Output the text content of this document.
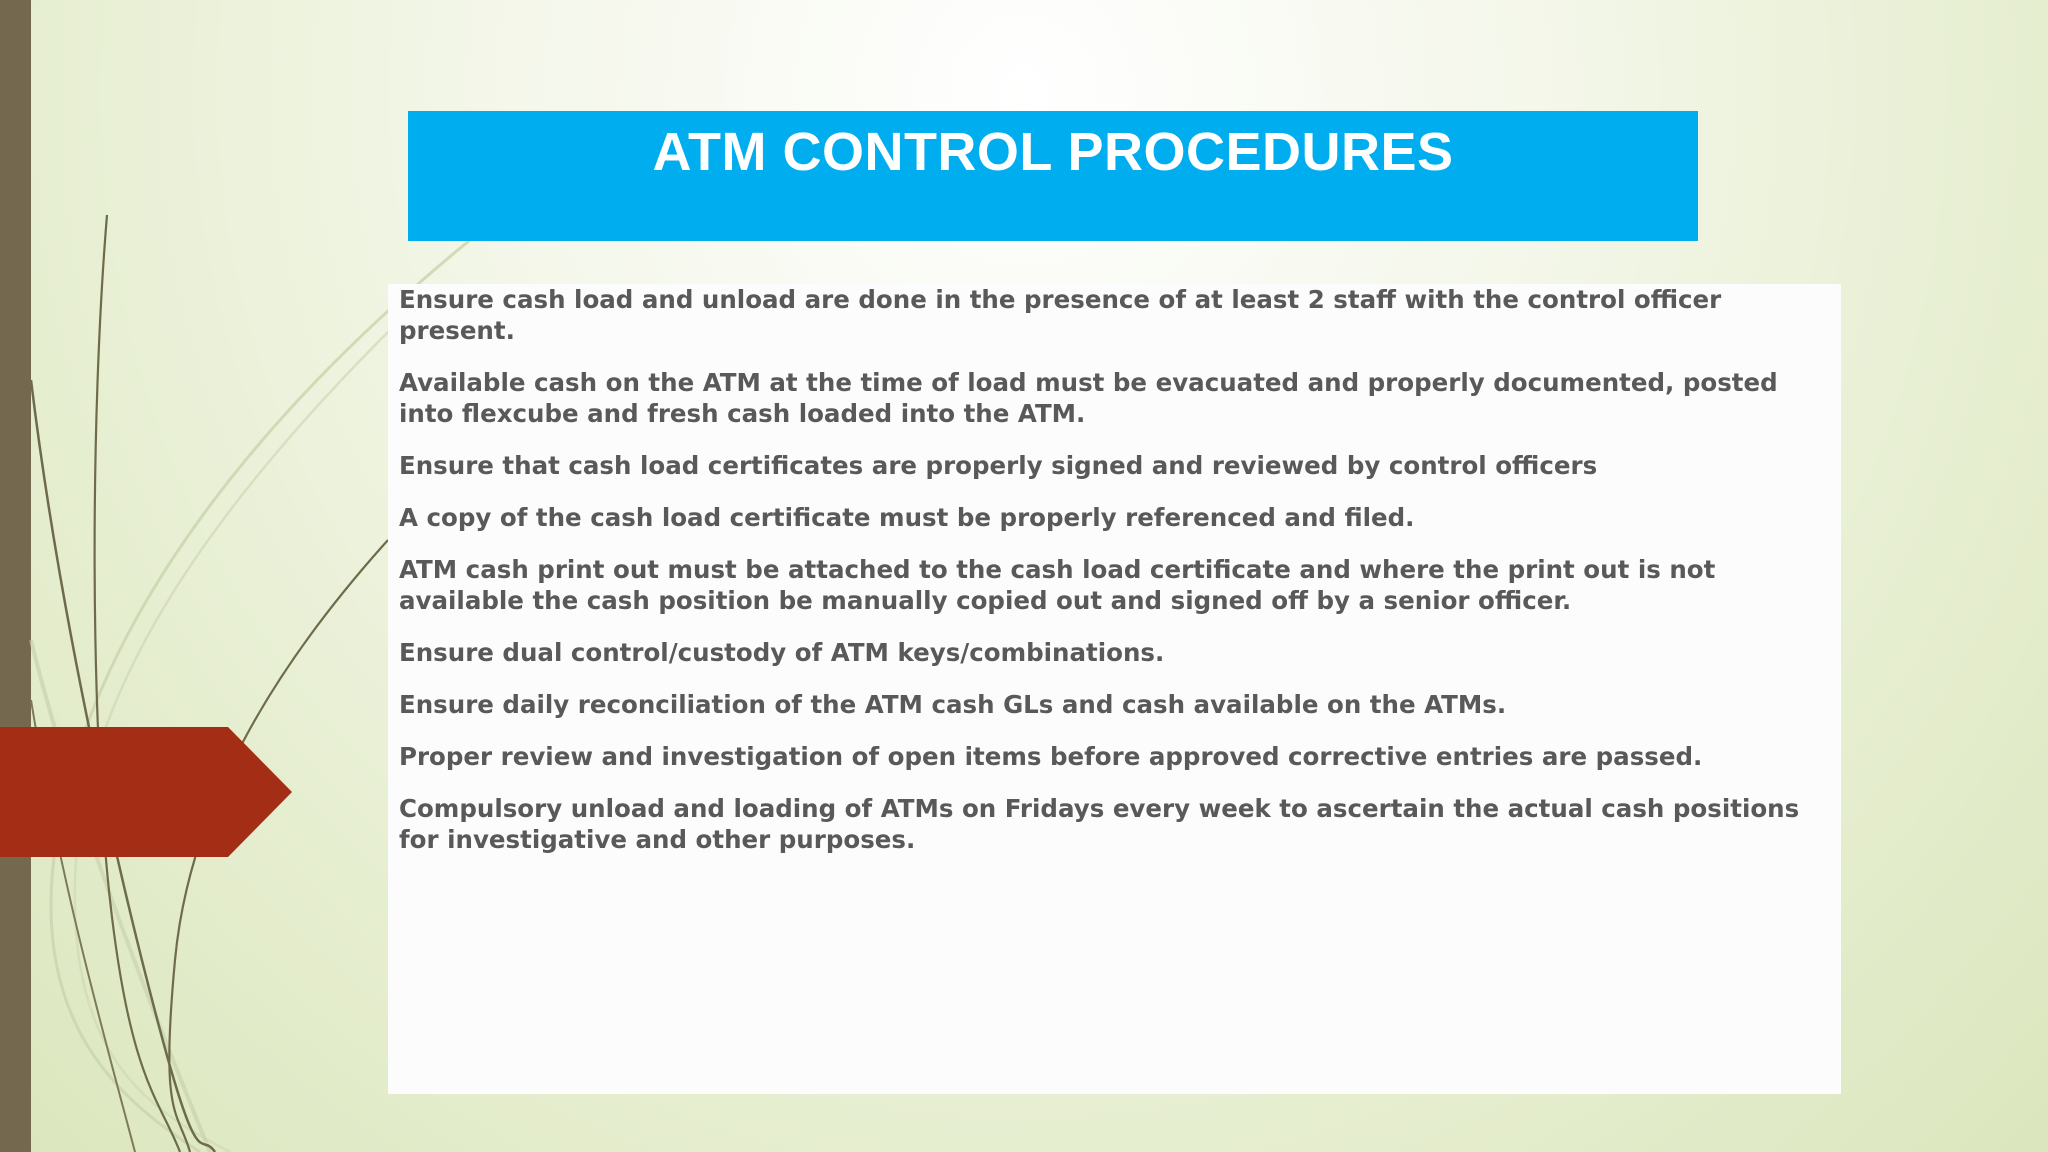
ATM CONTROL PROCEDURES
Ensure cash load and unload are done in the presence of at least 2 staff with the control officer present.
Available cash on the ATM at the time of load must be evacuated and properly documented, posted into flexcube and fresh cash loaded into the ATM.
Ensure that cash load certificates are properly signed and reviewed by control officers
A copy of the cash load certificate must be properly referenced and filed.
ATM cash print out must be attached to the cash load certificate and where the print out is not available the cash position be manually copied out and signed off by a senior officer.
Ensure dual control/custody of ATM keys/combinations.
Ensure daily reconciliation of the ATM cash GLs and cash available on the ATMs.
Proper review and investigation of open items before approved corrective entries are passed.
Compulsory unload and loading of ATMs on Fridays every week to ascertain the actual cash positions for investigative and other purposes.
